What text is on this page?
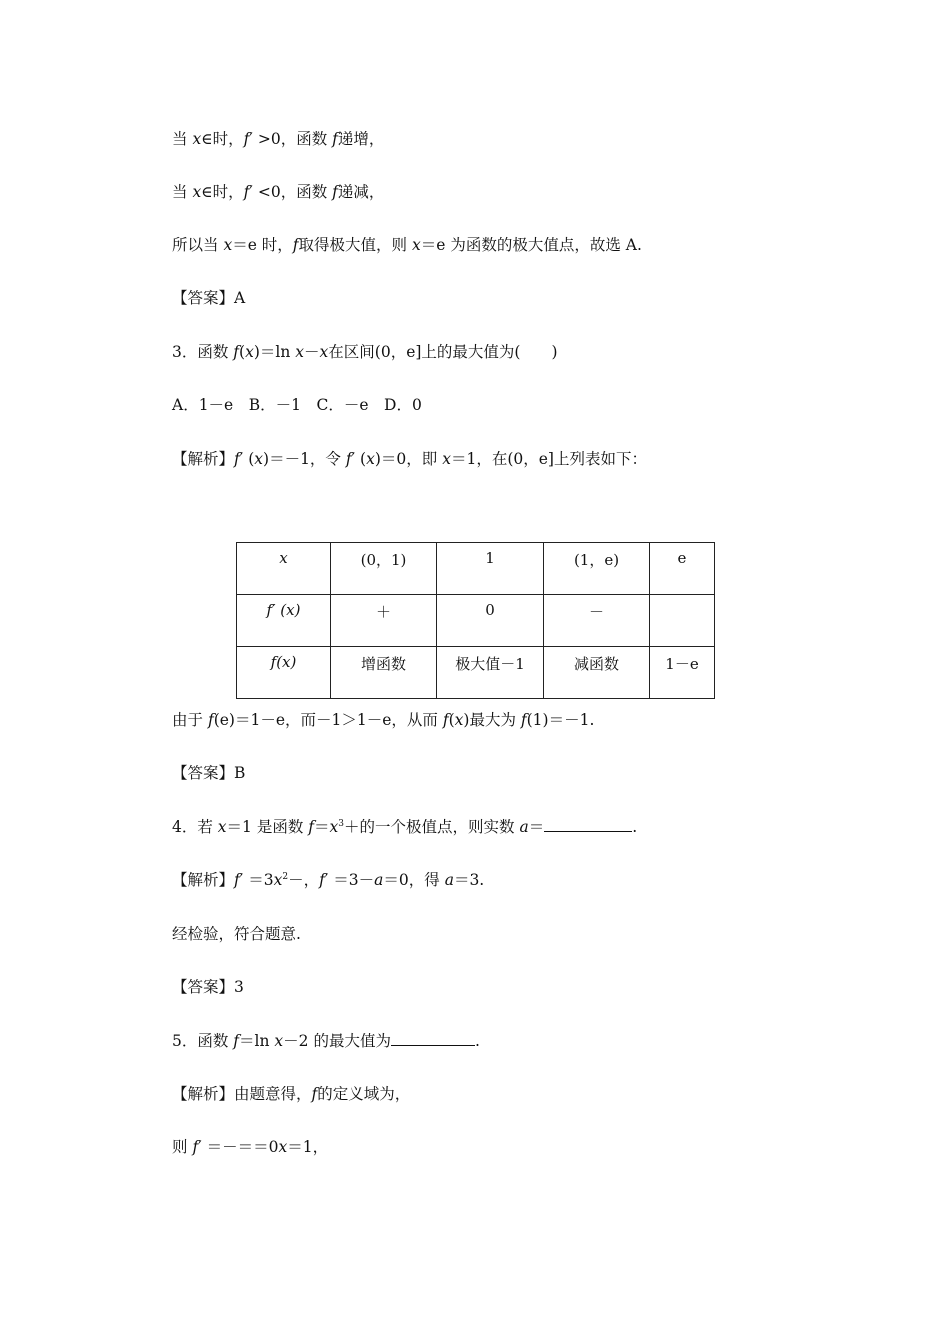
当 x∈时，f′ >0，函数 f递增，

当 x∈时，f′ <0，函数 f递减，

所以当 x＝e 时，f取得极大值，则 x＝e 为函数的极大值点，故选 A.

【答案】A

3．函数 f(x)＝ln x－x在区间(0，e]上的最大值为(　　)

A．1－e　B．－1　C．－e　D．0

【解析】f′ (x)＝－1，令 f′ (x)＝0，即 x＝1，在(0，e]上列表如下：

x	(0，1)	1	(1，e)	e
f′ (x)	＋	0	－	
f(x)	增函数	极大值－1	减函数	1－e

由于 f(e)＝1－e，而－1＞1－e，从而 f(x)最大为 f(1)＝－1.

【答案】B

4．若 x＝1 是函数 $f=x^3+$的一个极值点，则实数 a＝	.

【解析】$f' =3x^2-$，f′ ＝3－a＝0，得 a＝3.

经检验，符合题意.

【答案】3

5．函数 f＝ln x－2 的最大值为	.

【解析】由题意得，f的定义域为，

则 f′ ＝－＝＝0x＝1，
